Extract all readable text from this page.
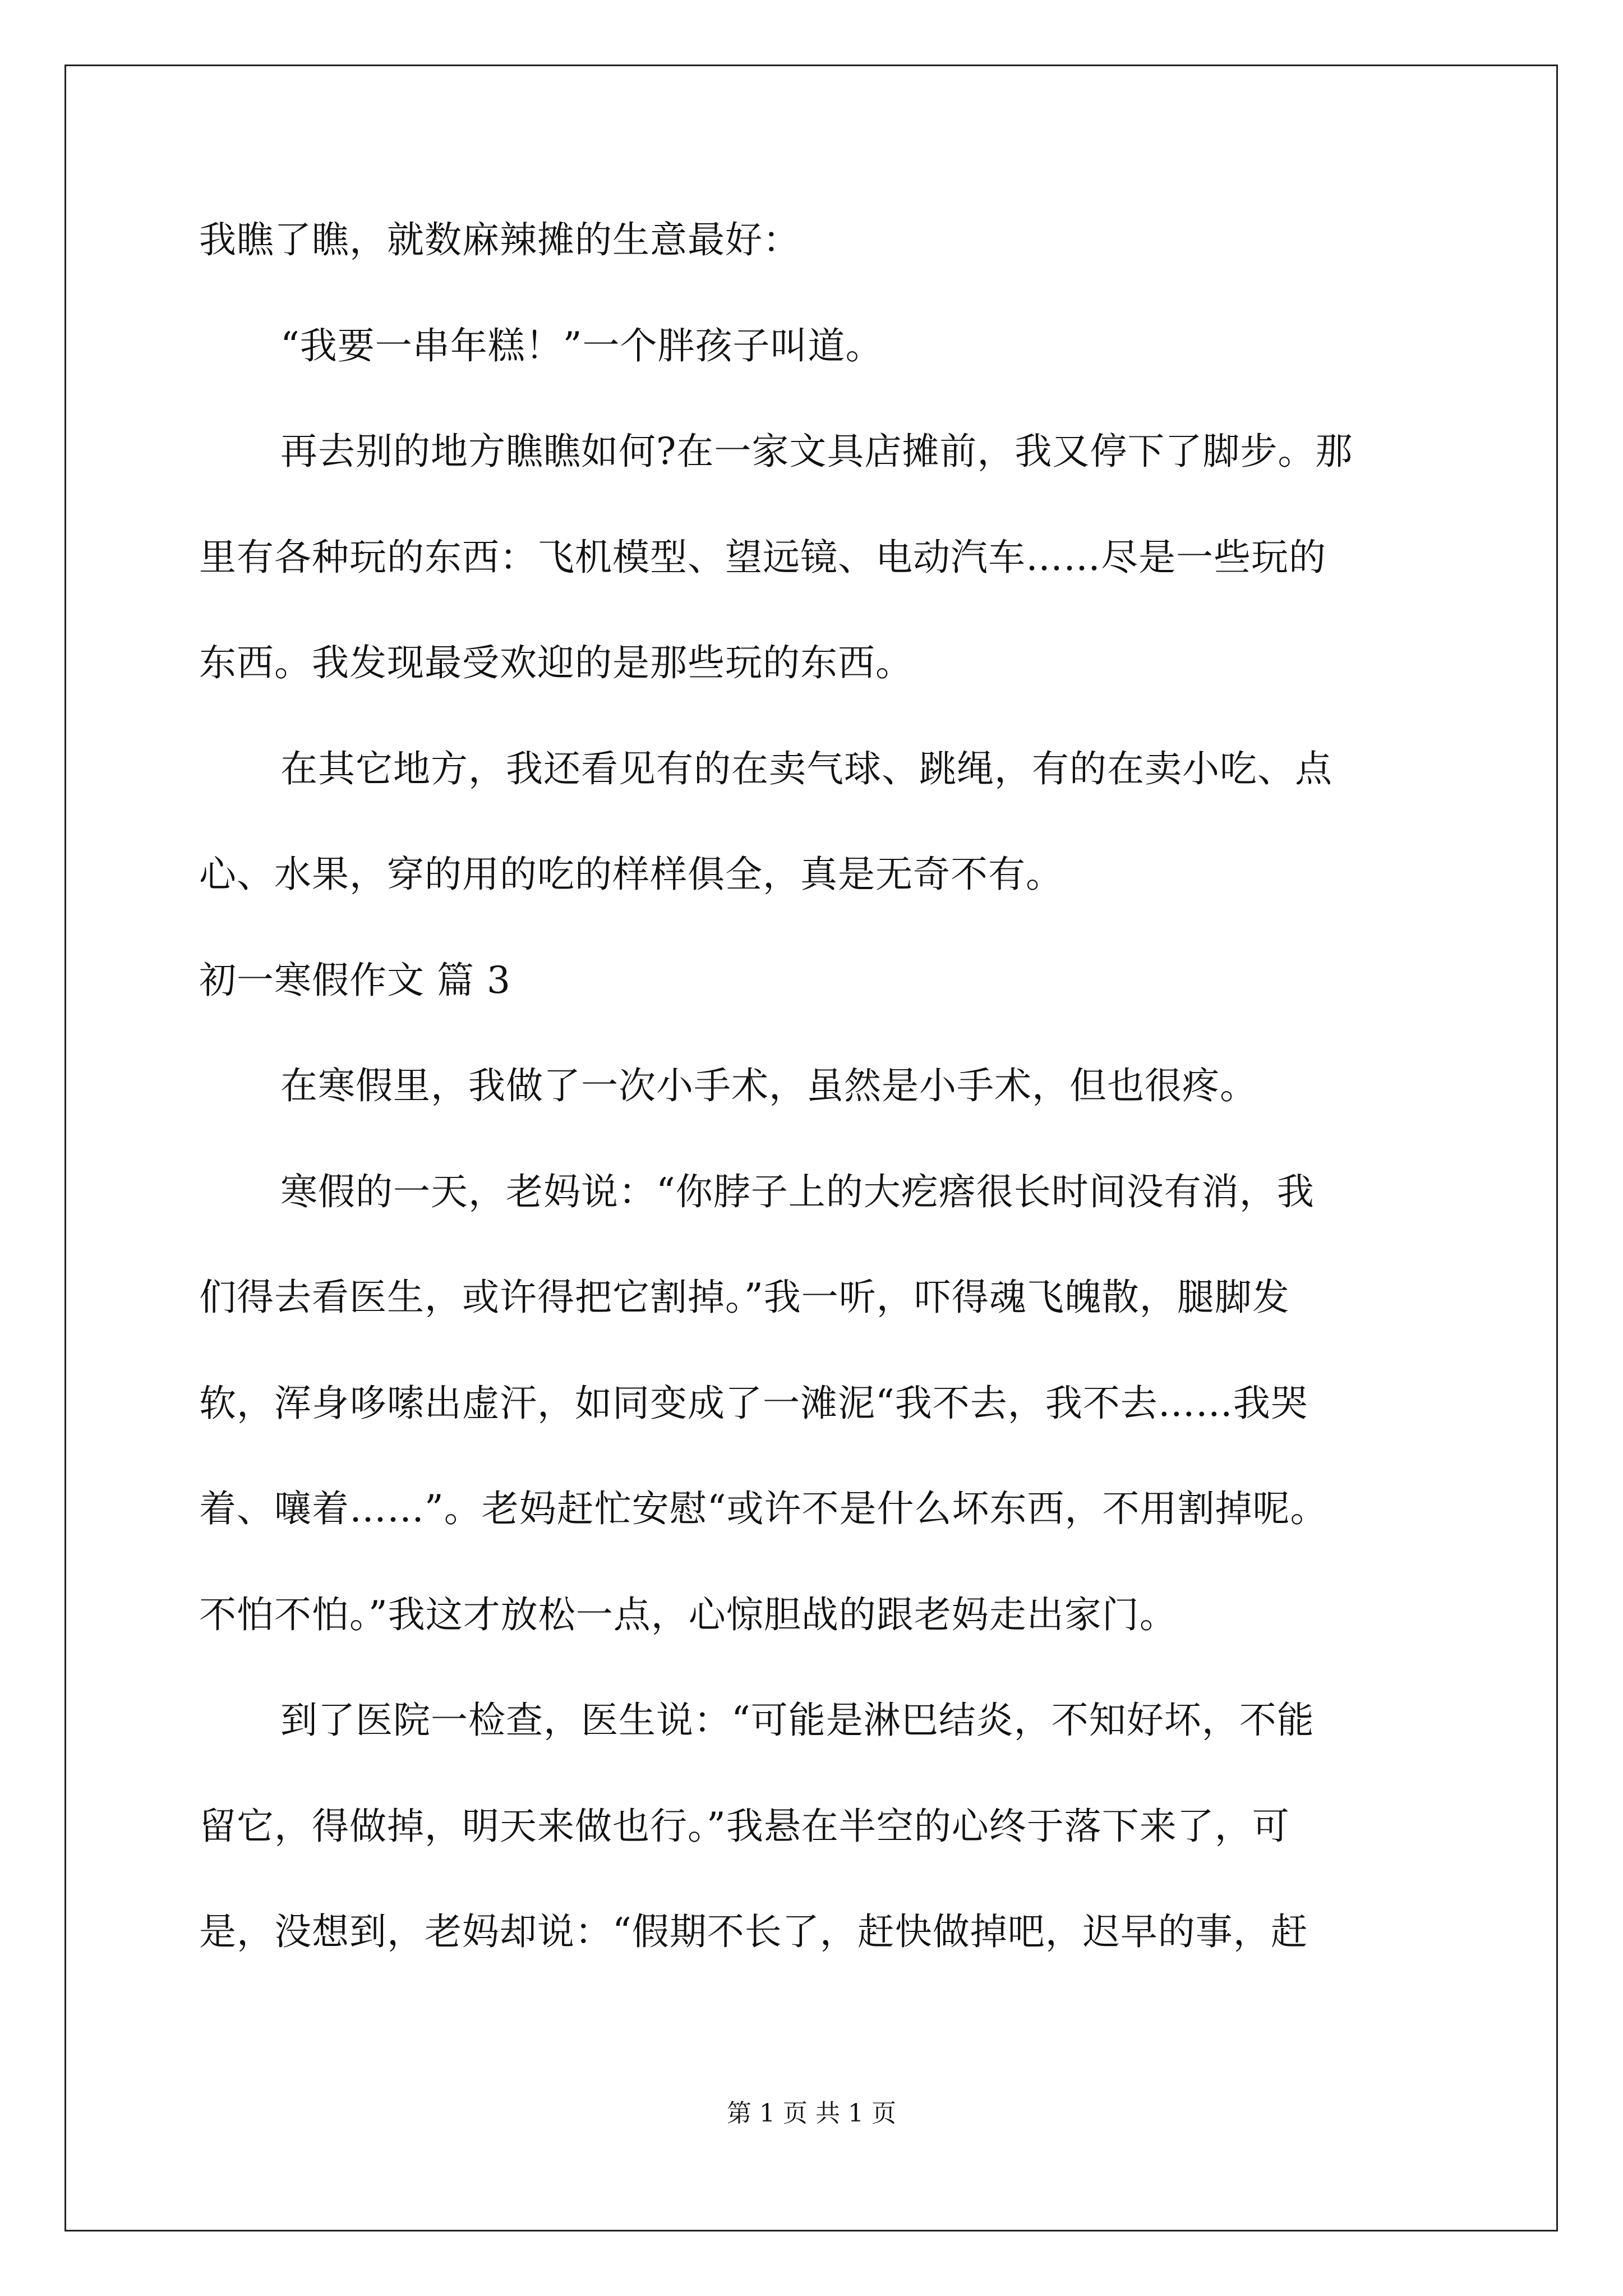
我瞧了瞧，就数麻辣摊的生意最好：

“我要一串年糕！”一个胖孩子叫道。

再去别的地方瞧瞧如何?在一家文具店摊前，我又停下了脚步。那

里有各种玩的东西：飞机模型、望远镜、电动汽车……尽是一些玩的

东西。我发现最受欢迎的是那些玩的东西。

在其它地方，我还看见有的在卖气球、跳绳，有的在卖小吃、点

心、水果，穿的用的吃的样样俱全，真是无奇不有。

初一寒假作文 篇 3

在寒假里，我做了一次小手术，虽然是小手术，但也很疼。

寒假的一天，老妈说：“你脖子上的大疙瘩很长时间没有消，我

们得去看医生，或许得把它割掉。”我一听，吓得魂飞魄散，腿脚发

软，浑身哆嗦出虚汗，如同变成了一滩泥“我不去，我不去……我哭

着、嚷着……”。老妈赶忙安慰“或许不是什么坏东西，不用割掉呢。

不怕不怕。”我这才放松一点，心惊胆战的跟老妈走出家门。

到了医院一检查，医生说：“可能是淋巴结炎，不知好坏，不能

留它，得做掉，明天来做也行。”我悬在半空的心终于落下来了，可

是，没想到，老妈却说：“假期不长了，赶快做掉吧，迟早的事，赶

第 1 页 共 1 页
